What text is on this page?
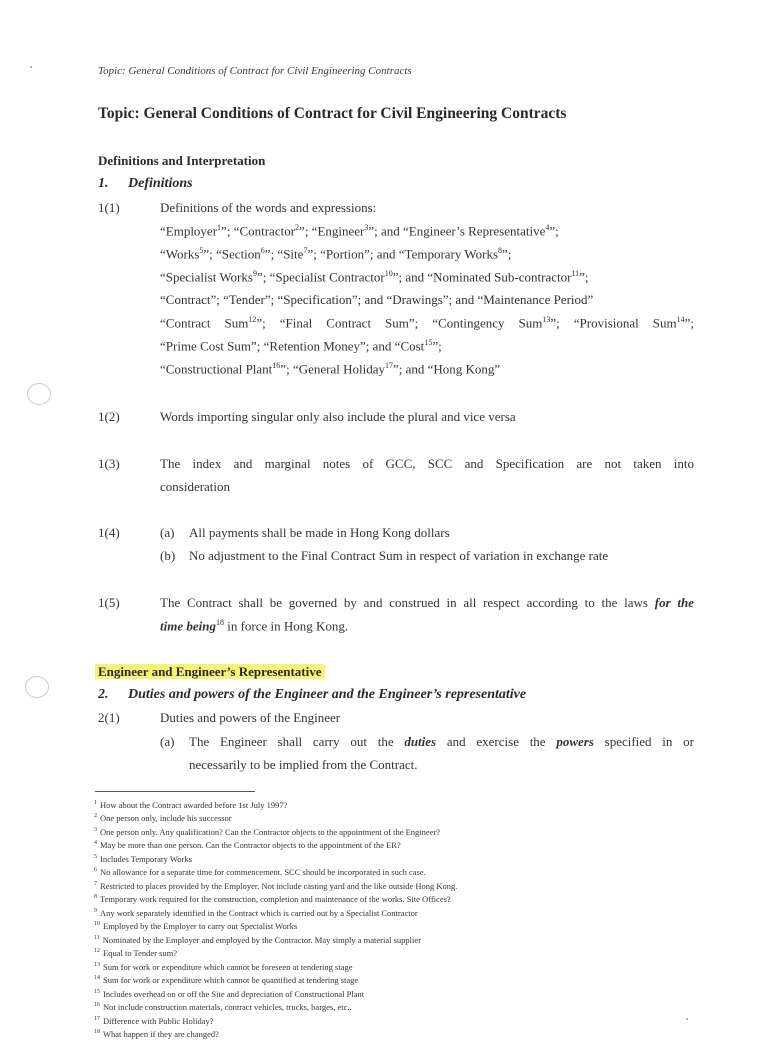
Topic: General Conditions of Contract for Civil Engineering Contracts
Topic: General Conditions of Contract for Civil Engineering Contracts
Definitions and Interpretation
1. Definitions
1(1)	Definitions of the words and expressions:
“Employer$^1$”; “Contractor$^2$”; “Engineer$^3$”; and “Engineer’s Representative$^4$”;
“Works$^5$”; “Section$^6$”; “Site$^7$”; “Portion”; and “Temporary Works$^8$”;
“Specialist Works$^9$”; “Specialist Contractor$^{10}$”; and “Nominated Sub-contractor$^{11}$”;
“Contract”; “Tender”; “Specification”; and “Drawings”; and “Maintenance Period”
“Contract Sum$^{12}$”; “Final Contract Sum”; “Contingency Sum$^{13}$”; “Provisional Sum$^{14}$”;
“Prime Cost Sum”; “Retention Money”; and “Cost$^{15}$”;
“Constructional Plant$^{16}$”; “General Holiday$^{17}$”; and “Hong Kong”
1(2)	Words importing singular only also include the plural and vice versa
1(3)	The index and marginal notes of GCC, SCC and Specification are not taken into
consideration
1(4)	(a) All payments shall be made in Hong Kong dollars
(b) No adjustment to the Final Contract Sum in respect of variation in exchange rate
1(5)	The Contract shall be governed by and construed in all respect according to the laws for the
time being$^{18}$ in force in Hong Kong.
Engineer and Engineer’s Representative
2. Duties and powers of the Engineer and the Engineer’s representative
2(1)	Duties and powers of the Engineer
(a) The Engineer shall carry out the duties and exercise the powers specified in or
necessarily to be implied from the Contract.
$^1$ How about the Contract awarded before 1st July 1997?
$^2$ One person only, include his successor
$^3$ One person only. Any qualification? Can the Contractor objects to the appointment of the Engineer?
$^4$ May be more than one person. Can the Contractor objects to the appointment of the ER?
$^5$ Includes Temporary Works
$^6$ No allowance for a separate time for commencement. SCC should be incorporated in such case.
$^7$ Restricted to places provided by the Employer. Not include casting yard and the like outside Hong Kong.
$^8$ Temporary work required for the construction, completion and maintenance of the works. Site Offices?
$^9$ Any work separately identified in the Contract which is carried out by a Specialist Contractor
$^{10}$ Employed by the Employer to carry out Specialist Works
$^{11}$ Nominated by the Employer and employed by the Contractor. May simply a material supplier
$^{12}$ Equal to Tender sum?
$^{13}$ Sum for work or expenditure which cannot be foreseen at tendering stage
$^{14}$ Sum for work or expenditure which cannot be quantified at tendering stage
$^{15}$ Includes overhead on or off the Site and depreciation of Constructional Plant
$^{16}$ Not include construction materials, contract vehicles, trucks, barges, etc..
$^{17}$ Difference with Public Holiday?
$^{18}$ What happen if they are changed?
